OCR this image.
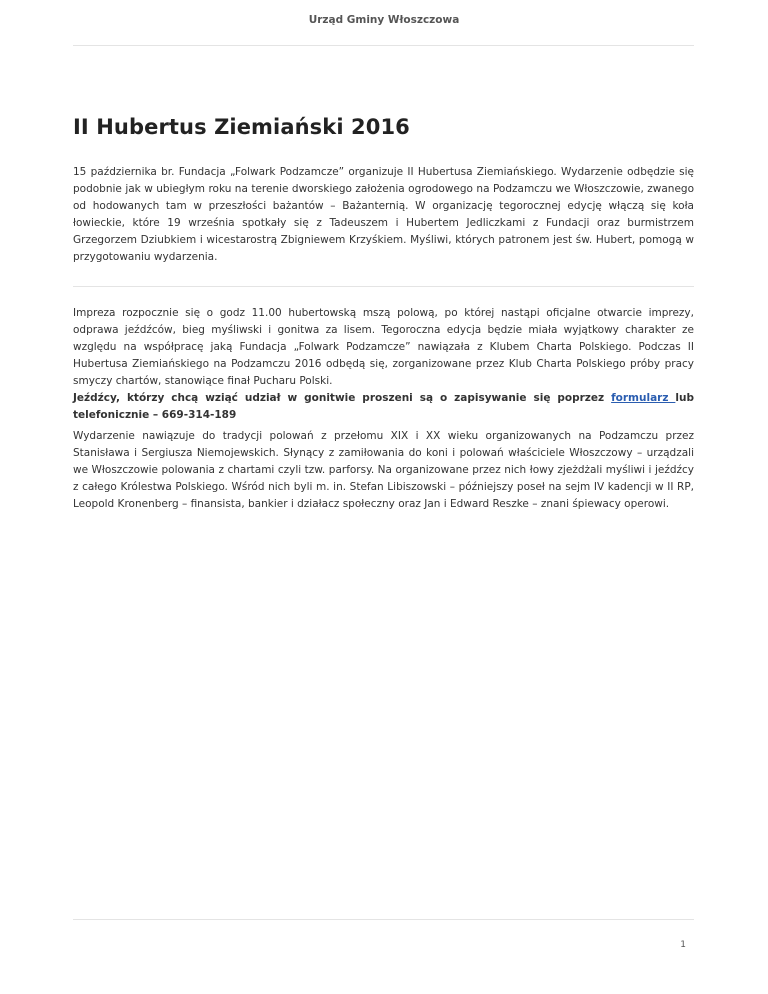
Urząd Gminy Włoszczowa
II Hubertus Ziemiański 2016

15 października br. Fundacja „Folwark Podzamcze” organizuje II Hubertusa Ziemiańskiego. Wydarzenie odbędzie się podobnie jak w ubiegłym roku na terenie dworskiego założenia ogrodowego na Podzamczu we Włoszczowie, zwanego od hodowanych tam w przeszłości bażantów – Bażanternią. W organizację tegorocznej edycję włączą się koła łowieckie, które 19 września spotkały się z Tadeuszem i Hubertem Jedliczkami z Fundacji oraz burmistrzem Grzegorzem Dziubkiem i wicestarostrą Zbigniewem Krzyśkiem. Myśliwi, których patronem jest św. Hubert, pomogą w przygotowaniu wydarzenia.

Impreza rozpocznie się o godz 11.00 hubertowską mszą polową, po której nastąpi oficjalne otwarcie imprezy, odprawa jeźdźców, bieg myśliwski i gonitwa za lisem. Tegoroczna edycja będzie miała wyjątkowy charakter ze względu na współpracę jaką Fundacja „Folwark Podzamcze” nawiązała z Klubem Charta Polskiego. Podczas II Hubertusa Ziemiańskiego na Podzamczu 2016 odbędą się, zorganizowane przez Klub Charta Polskiego próby pracy smyczy chartów, stanowiące finał Pucharu Polski.

Jeźdźcy, którzy chcą wziąć udział w gonitwie proszeni są o zapisywanie się poprzez formularz lub telefonicznie – 669-314-189

Wydarzenie nawiązuje do tradycji polowań z przełomu XIX i XX wieku organizowanych na Podzamczu przez Stanisława i Sergiusza Niemojewskich. Słynący z zamiłowania do koni i polowań właściciele Włoszczowy – urządzali we Włoszczowie polowania z chartami czyli tzw. parforsy. Na organizowane przez nich łowy zjeżdżali myśliwi i jeźdźcy z całego Królestwa Polskiego. Wśród nich byli m. in. Stefan Libiszowski – późniejszy poseł na sejm IV kadencji w II RP, Leopold Kronenberg – finansista, bankier i działacz społeczny oraz Jan i Edward Reszke – znani śpiewacy operowi.

1
